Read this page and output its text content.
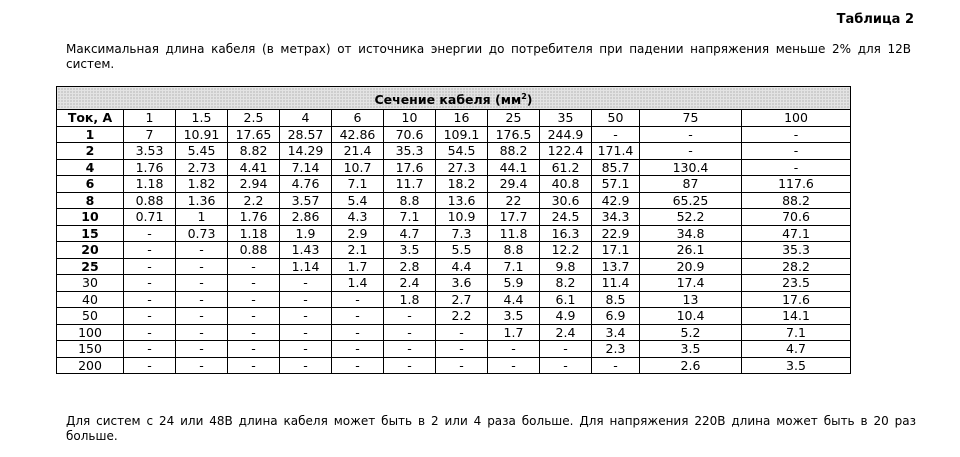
Таблица 2
Максимальная длина кабеля (в метрах) от источника энергии до потребителя при падении напряжения меньше 2% для 12В систем.
Сечение кабеля $(мм^2)$												
Ток, А	1	1.5	2.5	4	6	10	16	25	35	50	75	100
1	7	10.91	17.65	28.57	42.86	70.6	109.1	176.5	244.9	-	-	-
2	3.53	5.45	8.82	14.29	21.4	35.3	54.5	88.2	122.4	171.4	-	-
4	1.76	2.73	4.41	7.14	10.7	17.6	27.3	44.1	61.2	85.7	130.4	-
6	1.18	1.82	2.94	4.76	7.1	11.7	18.2	29.4	40.8	57.1	87	117.6
8	0.88	1.36	2.2	3.57	5.4	8.8	13.6	22	30.6	42.9	65.25	88.2
10	0.71	1	1.76	2.86	4.3	7.1	10.9	17.7	24.5	34.3	52.2	70.6
15	-	0.73	1.18	1.9	2.9	4.7	7.3	11.8	16.3	22.9	34.8	47.1
20	-	-	0.88	1.43	2.1	3.5	5.5	8.8	12.2	17.1	26.1	35.3
25	-	-	-	1.14	1.7	2.8	4.4	7.1	9.8	13.7	20.9	28.2
30	-	-	-	-	1.4	2.4	3.6	5.9	8.2	11.4	17.4	23.5
40	-	-	-	-	-	1.8	2.7	4.4	6.1	8.5	13	17.6
50	-	-	-	-	-	-	2.2	3.5	4.9	6.9	10.4	14.1
100	-	-	-	-	-	-	-	1.7	2.4	3.4	5.2	7.1
150	-	-	-	-	-	-	-	-	-	2.3	3.5	4.7
200	-	-	-	-	-	-	-	-	-	-	2.6	3.5
Для систем с 24 или 48В длина кабеля может быть в 2 или 4 раза больше. Для напряжения 220В длина может быть в 20 раз больше.
